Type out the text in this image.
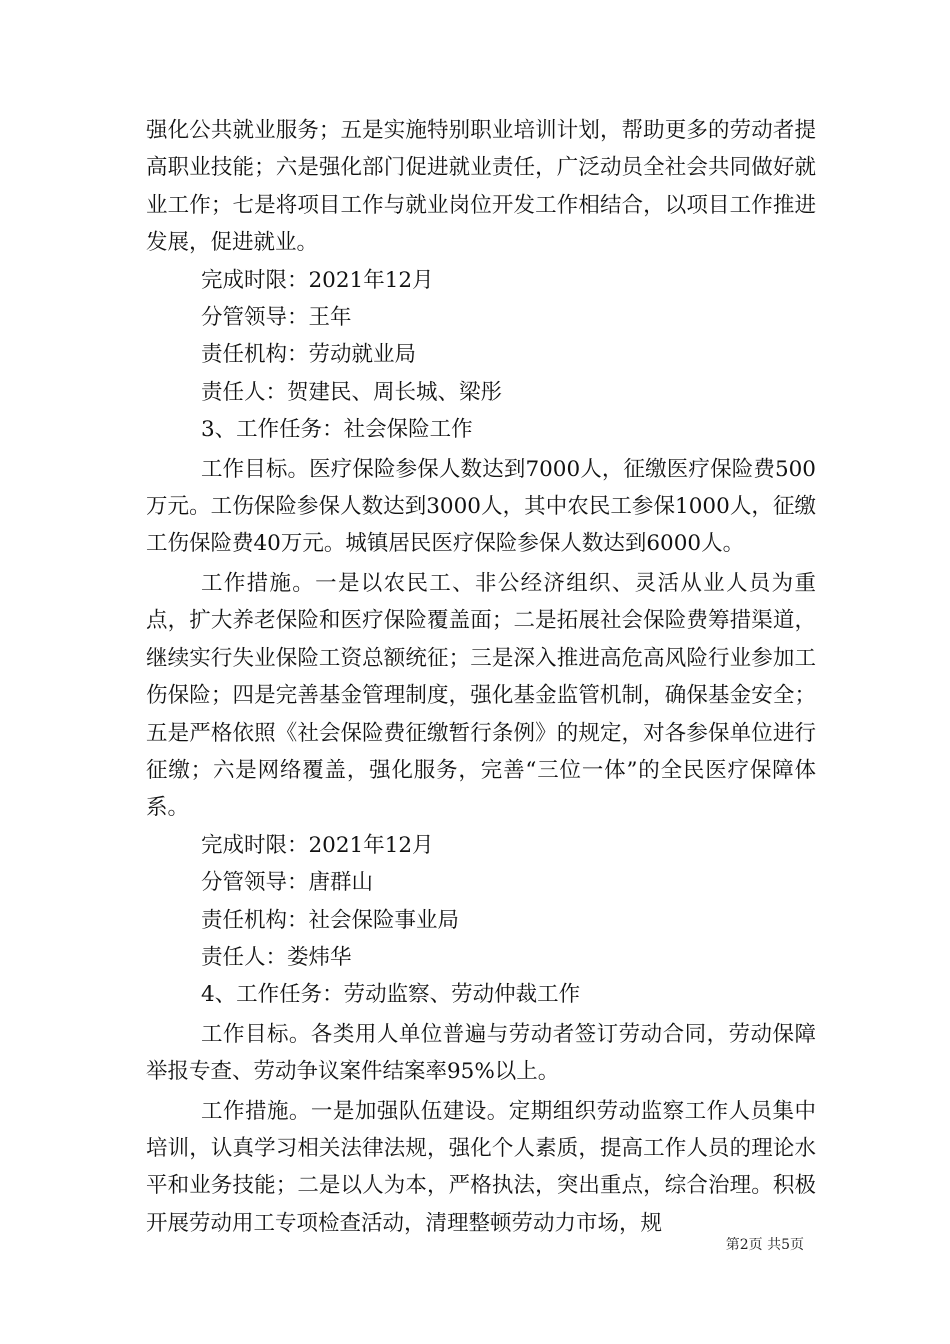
强化公共就业服务；五是实施特别职业培训计划，帮助更多的劳动者提高职业技能；六是强化部门促进就业责任，广泛动员全社会共同做好就业工作；七是将项目工作与就业岗位开发工作相结合，以项目工作推进发展，促进就业。

完成时限：2021年12月

分管领导：王年

责任机构：劳动就业局

责任人：贺建民、周长城、梁彤

3、工作任务：社会保险工作

工作目标。医疗保险参保人数达到7000人，征缴医疗保险费500万元。工伤保险参保人数达到3000人，其中农民工参保1000人，征缴工伤保险费40万元。城镇居民医疗保险参保人数达到6000人。

工作措施。一是以农民工、非公经济组织、灵活从业人员为重点，扩大养老保险和医疗保险覆盖面；二是拓展社会保险费筹措渠道，继续实行失业保险工资总额统征；三是深入推进高危高风险行业参加工伤保险；四是完善基金管理制度，强化基金监管机制，确保基金安全；五是严格依照《社会保险费征缴暂行条例》的规定，对各参保单位进行征缴；六是网络覆盖，强化服务，完善“三位一体”的全民医疗保障体系。

完成时限：2021年12月

分管领导：唐群山

责任机构：社会保险事业局

责任人：娄炜华

4、工作任务：劳动监察、劳动仲裁工作

工作目标。各类用人单位普遍与劳动者签订劳动合同，劳动保障举报专查、劳动争议案件结案率95%以上。

工作措施。一是加强队伍建设。定期组织劳动监察工作人员集中培训，认真学习相关法律法规，强化个人素质，提高工作人员的理论水平和业务技能；二是以人为本，严格执法，突出重点，综合治理。积极开展劳动用工专项检查活动，清理整顿劳动力市场，规

第2页 共5页
